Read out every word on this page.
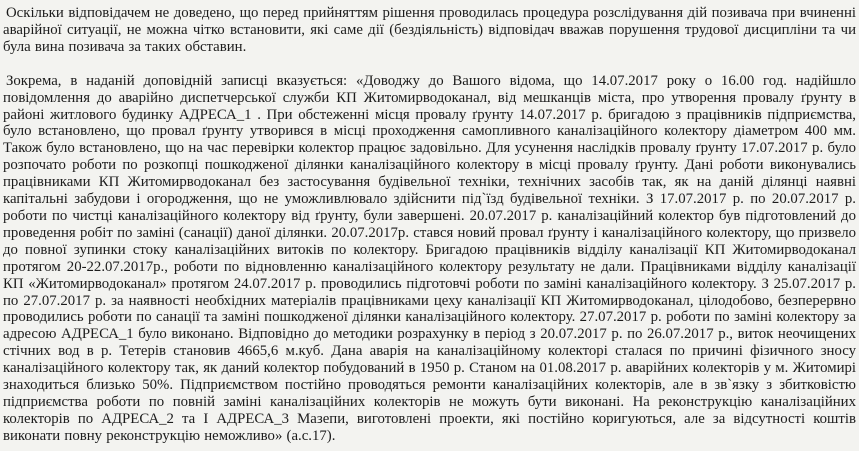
Оскільки відповідачем не доведено, що перед прийняттям рішення проводилась процедура розслідування дій позивача при вчиненні аварійної ситуації, не можна чітко встановити, які саме дії (бездіяльність) відповідач вважав порушення трудової дисципліни та чи була вина позивача за таких обставин.

Зокрема, в наданій доповідній записці вказується: «Доводжу до Вашого відома, що 14.07.2017 року о 16.00 год. надійшло повідомлення до аварійно диспетчерської служби КП Житомирводоканал, від мешканців міста, про утворення провалу ґрунту в районі житлового будинку АДРЕСА_1 . При обстеженні місця провалу ґрунту 14.07.2017 р. бригадою з працівників підприємства, було встановлено, що провал ґрунту утворився в місці проходження самопливного каналізаційного колектору діаметром 400 мм. Також було встановлено, що на час перевірки колектор працює задовільно. Для усунення наслідків провалу ґрунту 17.07.2017 р. було розпочато роботи по розкопці пошкодженої ділянки каналізаційного колектору в місці провалу ґрунту. Дані роботи виконувались працівниками КП Житомирводоканал без застосування будівельної техніки, технічних засобів так, як на даній ділянці наявні капітальні забудови і огородження, що не уможливлювало здійснити під`їзд будівельної техніки. З 17.07.2017 р. по 20.07.2017 р. роботи по чистці каналізаційного колектору від ґрунту, були завершені. 20.07.2017 р. каналізаційний колектор був підготовлений до проведення робіт по заміні (санації) даної ділянки. 20.07.2017р. стався новий провал ґрунту і каналізаційного колектору, що призвело до повної зупинки стоку каналізаційних витоків по колектору. Бригадою працівників відділу каналізації КП Житомирводоканал протягом 20-22.07.2017р., роботи по відновленню каналізаційного колектору результату не дали. Працівниками відділу каналізації КП «Житомирводоканал» протягом 24.07.2017 р. проводились підготовчі роботи по заміні каналізаційного колектору. З 25.07.2017 р. по 27.07.2017 р. за наявності необхідних матеріалів працівниками цеху каналізації КП Житомирводоканал, цілодобово, безперервно проводились роботи по санації та заміні пошкодженої ділянки каналізаційного колектору. 27.07.2017 р. роботи по заміні колектору за адресою АДРЕСА_1 було виконано. Відповідно до методики розрахунку в період з 20.07.2017 р. по 26.07.2017 р., виток неочищених стічних вод в р. Тетерів становив 4665,6 м.куб. Дана аварія на каналізаційному колекторі сталася по причині фізичного зносу каналізаційного колектору так, як даний колектор побудований в 1950 р. Станом на 01.08.2017 р. аварійних колекторів у м. Житомирі знаходиться близько 50%. Підприємством постійно проводяться ремонти каналізаційних колекторів, але в зв`язку з збитковістю підприємства роботи по повній заміні каналізаційних колекторів не можуть бути виконані. На реконструкцію каналізаційних колекторів по АДРЕСА_2 та І АДРЕСА_3 Мазепи, виготовлені проекти, які постійно коригуються, але за відсутності коштів виконати повну реконструкцію неможливо» (а.с.17).
